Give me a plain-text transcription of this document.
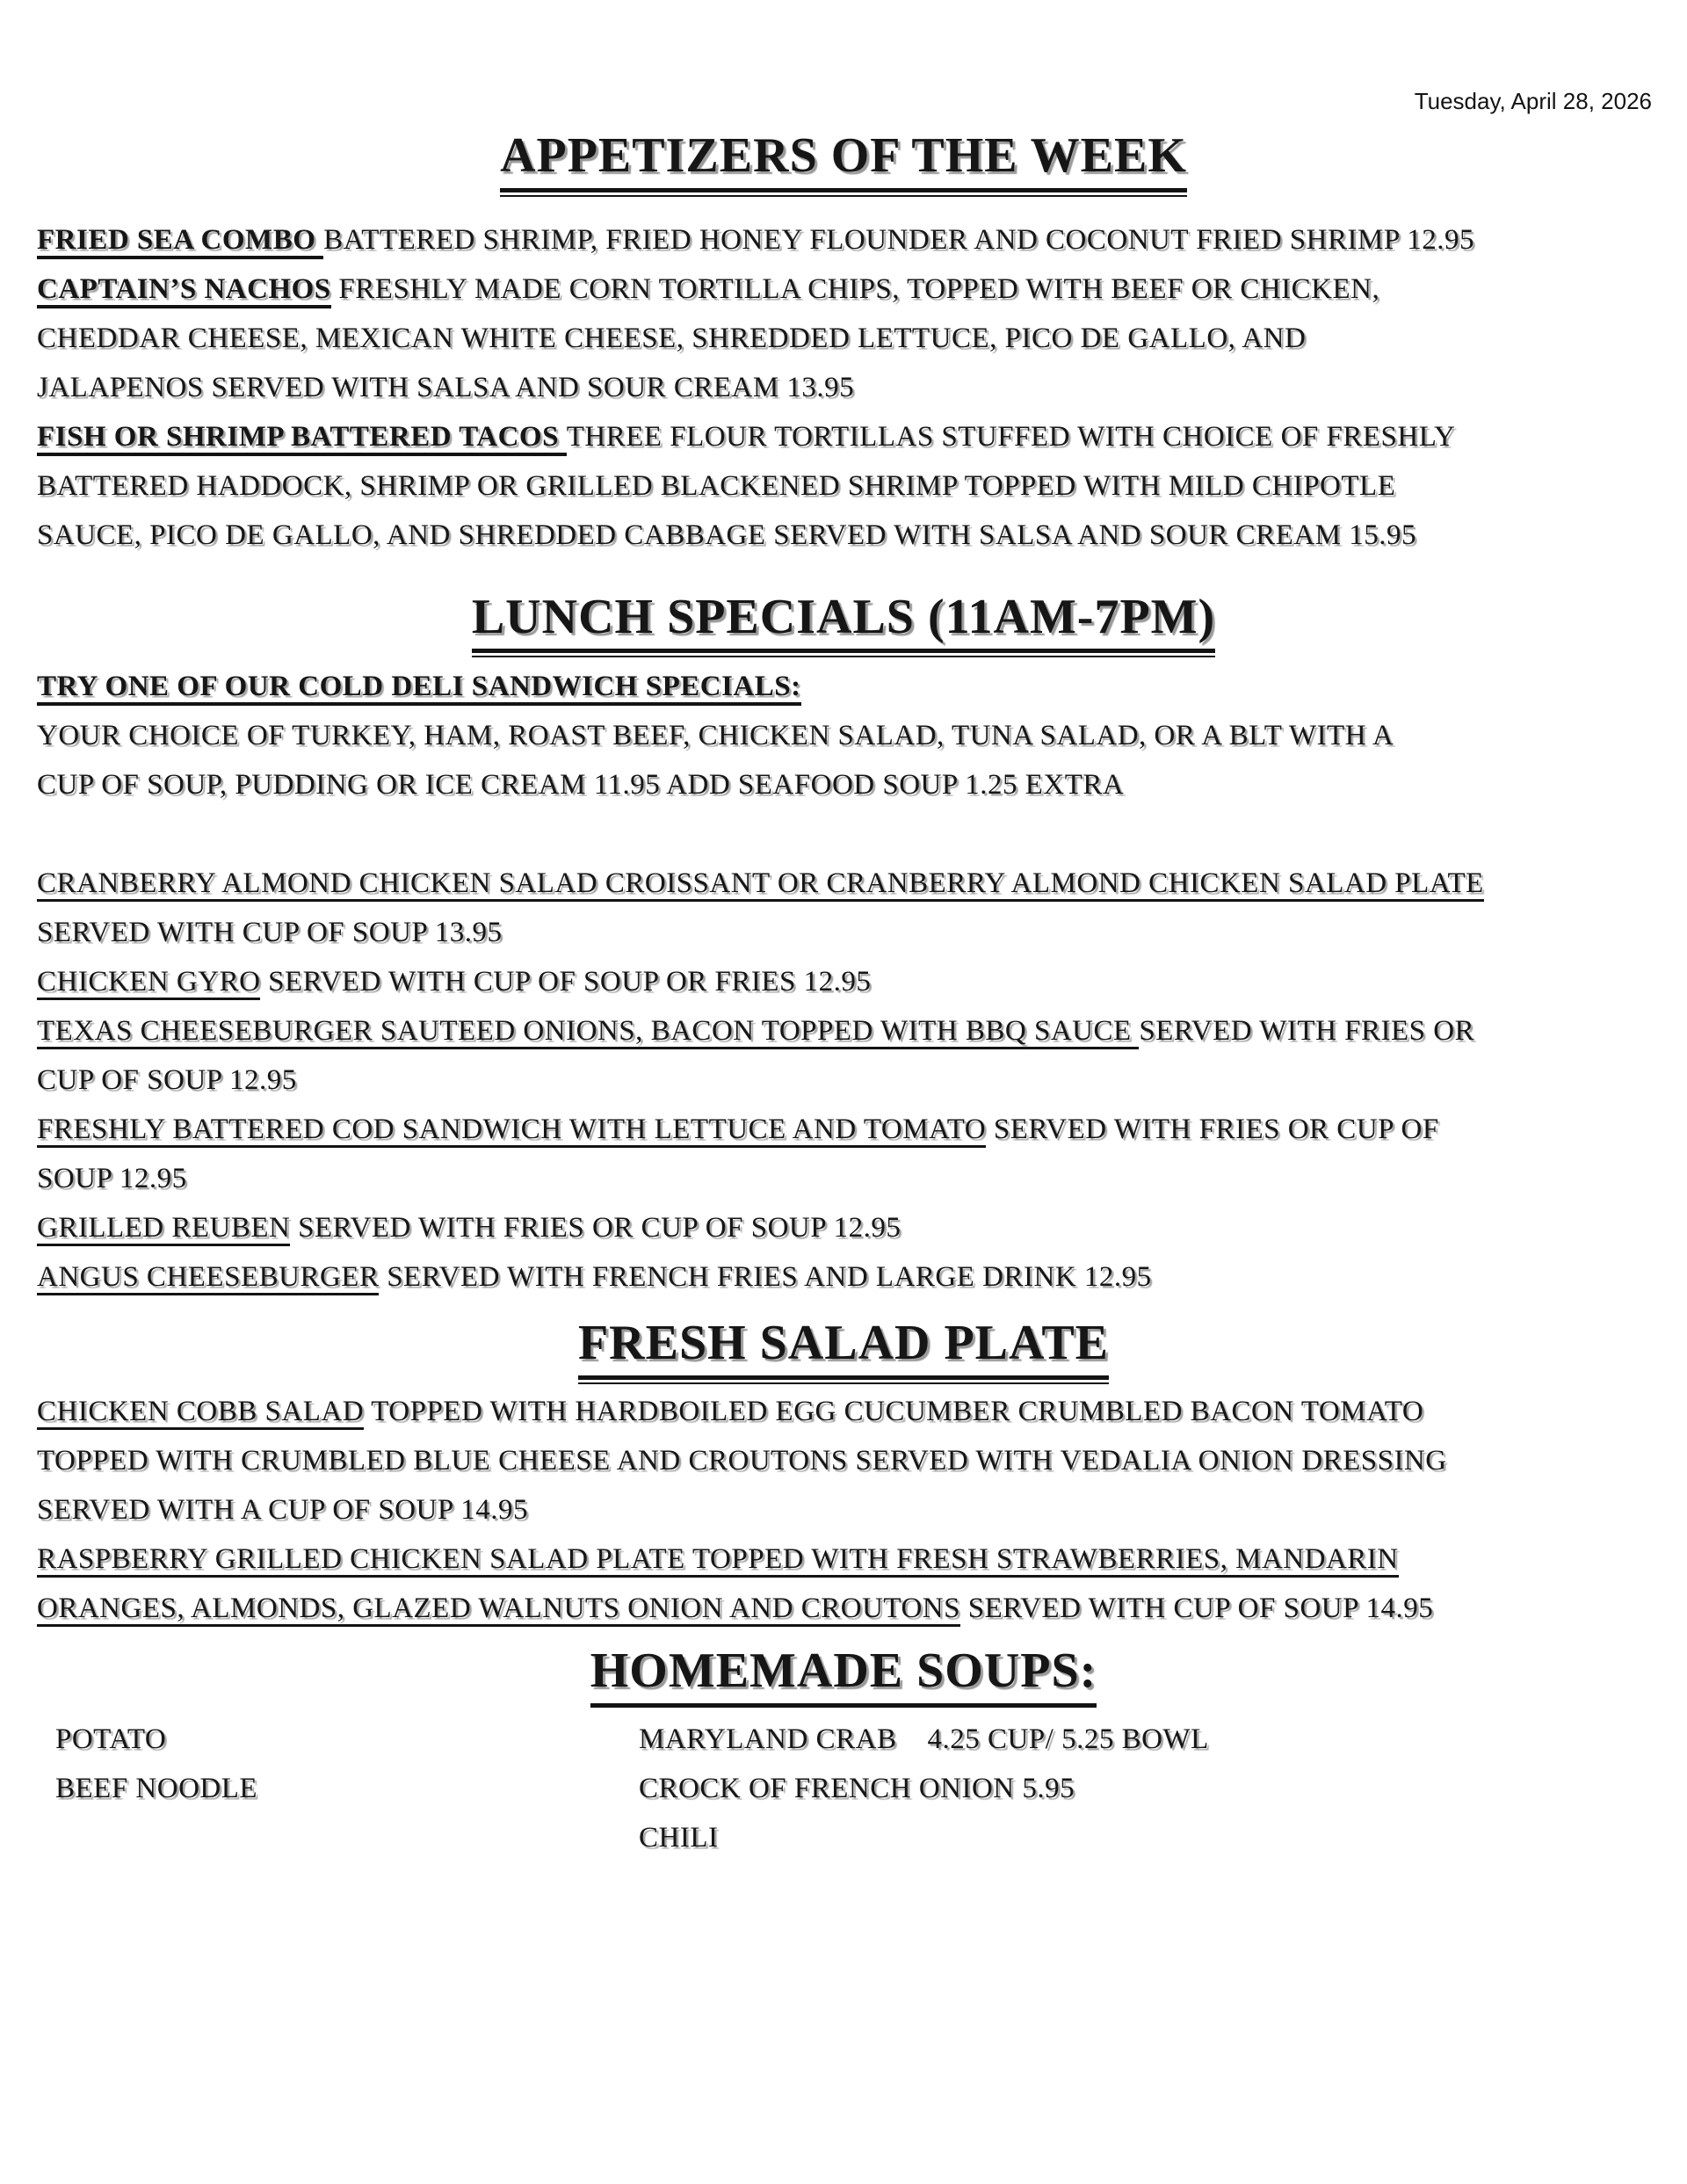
Tuesday, April 28, 2026
APPETIZERS OF THE WEEK
FRIED SEA COMBO BATTERED SHRIMP, FRIED HONEY FLOUNDER AND COCONUT FRIED SHRIMP 12.95
CAPTAIN’S NACHOS FRESHLY MADE CORN TORTILLA CHIPS, TOPPED WITH BEEF OR CHICKEN,
CHEDDAR CHEESE, MEXICAN WHITE CHEESE, SHREDDED LETTUCE, PICO DE GALLO, AND
JALAPENOS SERVED WITH SALSA AND SOUR CREAM 13.95
FISH OR SHRIMP BATTERED TACOS THREE FLOUR TORTILLAS STUFFED WITH CHOICE OF FRESHLY
BATTERED HADDOCK, SHRIMP OR GRILLED BLACKENED SHRIMP TOPPED WITH MILD CHIPOTLE
SAUCE, PICO DE GALLO, AND SHREDDED CABBAGE SERVED WITH SALSA AND SOUR CREAM 15.95
LUNCH SPECIALS (11AM-7PM)
TRY ONE OF OUR COLD DELI SANDWICH SPECIALS:
YOUR CHOICE OF TURKEY, HAM, ROAST BEEF, CHICKEN SALAD, TUNA SALAD, OR A BLT WITH A
CUP OF SOUP, PUDDING OR ICE CREAM 11.95 ADD SEAFOOD SOUP 1.25 EXTRA

CRANBERRY ALMOND CHICKEN SALAD CROISSANT OR CRANBERRY ALMOND CHICKEN SALAD PLATE
SERVED WITH CUP OF SOUP 13.95
CHICKEN GYRO SERVED WITH CUP OF SOUP OR FRIES 12.95
TEXAS CHEESEBURGER SAUTEED ONIONS, BACON TOPPED WITH BBQ SAUCE SERVED WITH FRIES OR
CUP OF SOUP 12.95
FRESHLY BATTERED COD SANDWICH WITH LETTUCE AND TOMATO SERVED WITH FRIES OR CUP OF
SOUP 12.95
GRILLED REUBEN SERVED WITH FRIES OR CUP OF SOUP 12.95
ANGUS CHEESEBURGER SERVED WITH FRENCH FRIES AND LARGE DRINK 12.95
FRESH SALAD PLATE
CHICKEN COBB SALAD TOPPED WITH HARDBOILED EGG CUCUMBER CRUMBLED BACON TOMATO
TOPPED WITH CRUMBLED BLUE CHEESE AND CROUTONS SERVED WITH VEDALIA ONION DRESSING
SERVED WITH A CUP OF SOUP 14.95
RASPBERRY GRILLED CHICKEN SALAD PLATE TOPPED WITH FRESH STRAWBERRIES, MANDARIN
ORANGES, ALMONDS, GLAZED WALNUTS ONION AND CROUTONS SERVED WITH CUP OF SOUP 14.95
HOMEMADE SOUPS:
POTATO	MARYLAND CRAB    4.25 CUP/ 5.25 BOWL
BEEF NOODLE	CROCK OF FRENCH ONION 5.95

CHILI
